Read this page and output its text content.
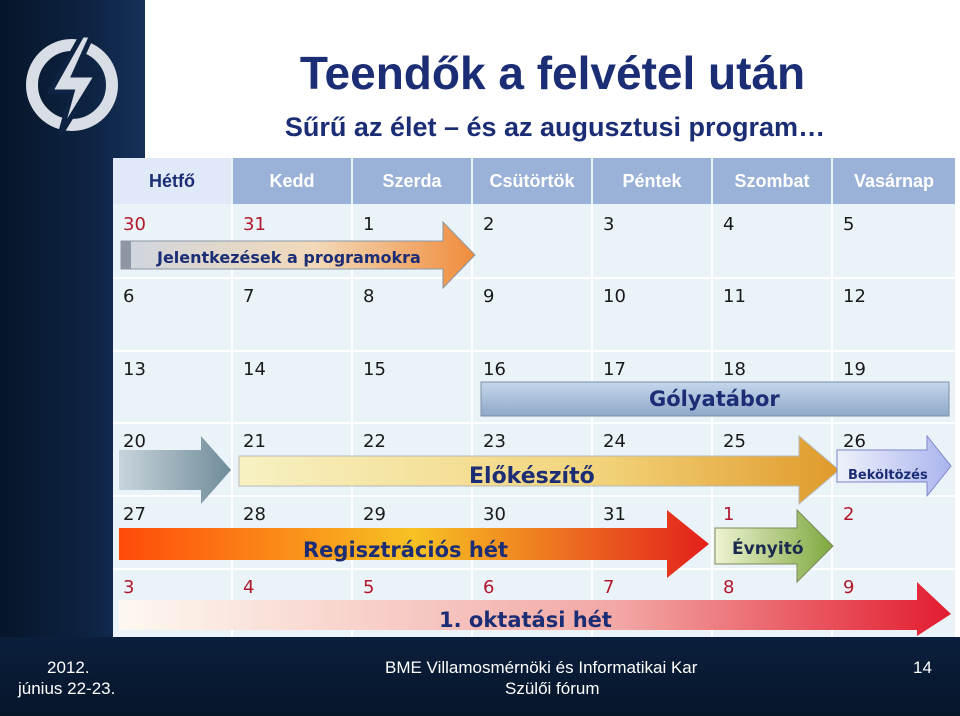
Teendők a felvétel után
Sűrű az élet – és az augusztusi program…
Hétfő	Kedd	Szerda	Csütörtök	Péntek	Szombat	Vasárnap
30	31	1	2	3	4	5
6	7	8	9	10	11	12
13	14	15	16	17	18	19
20	21	22	23	24	25	26
27	28	29	30	31	1	2
3	4	5	6	7	8	9
Jelentkezések a programokra
Gólyatábor
Előkészítő	Beköltözés
Regisztrációs hét	Évnyitó
1. oktatási hét
2012.
június 22-23.
BME Villamosmérnöki és Informatikai Kar
Szülői fórum
14
